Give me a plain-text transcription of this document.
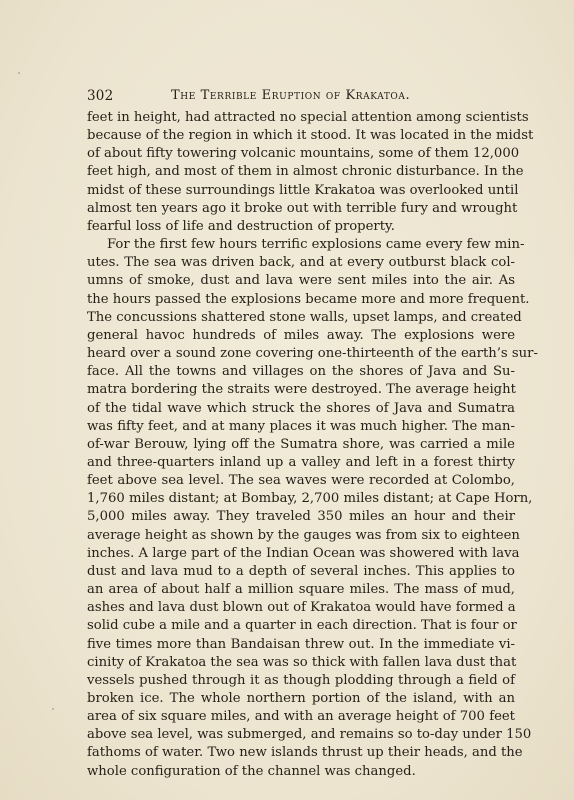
302	The Terrible Eruption of Krakatoa.
feet in height, had attracted no special attention among scientists
because of the region in which it stood. It was located in the midst
of about fifty towering volcanic mountains, some of them 12,000
feet high, and most of them in almost chronic disturbance. In the
midst of these surroundings little Krakatoa was overlooked until
almost ten years ago it broke out with terrible fury and wrought
fearful loss of life and destruction of property.
For the first few hours terrific explosions came every few min-
utes. The sea was driven back, and at every outburst black col-
umns of smoke, dust and lava were sent miles into the air. As
the hours passed the explosions became more and more frequent.
The concussions shattered stone walls, upset lamps, and created
general havoc hundreds of miles away. The explosions were
heard over a sound zone covering one-thirteenth of the earth’s sur-
face. All the towns and villages on the shores of Java and Su-
matra bordering the straits were destroyed. The average height
of the tidal wave which struck the shores of Java and Sumatra
was fifty feet, and at many places it was much higher. The man-
of-war Berouw, lying off the Sumatra shore, was carried a mile
and three-quarters inland up a valley and left in a forest thirty
feet above sea level. The sea waves were recorded at Colombo,
1,760 miles distant; at Bombay, 2,700 miles distant; at Cape Horn,
5,000 miles away. They traveled 350 miles an hour and their
average height as shown by the gauges was from six to eighteen
inches. A large part of the Indian Ocean was showered with lava
dust and lava mud to a depth of several inches. This applies to
an area of about half a million square miles. The mass of mud,
ashes and lava dust blown out of Krakatoa would have formed a
solid cube a mile and a quarter in each direction. That is four or
five times more than Bandaisan threw out. In the immediate vi-
cinity of Krakatoa the sea was so thick with fallen lava dust that
vessels pushed through it as though plodding through a field of
broken ice. The whole northern portion of the island, with an
area of six square miles, and with an average height of 700 feet
above sea level, was submerged, and remains so to-day under 150
fathoms of water. Two new islands thrust up their heads, and the
whole configuration of the channel was changed.
